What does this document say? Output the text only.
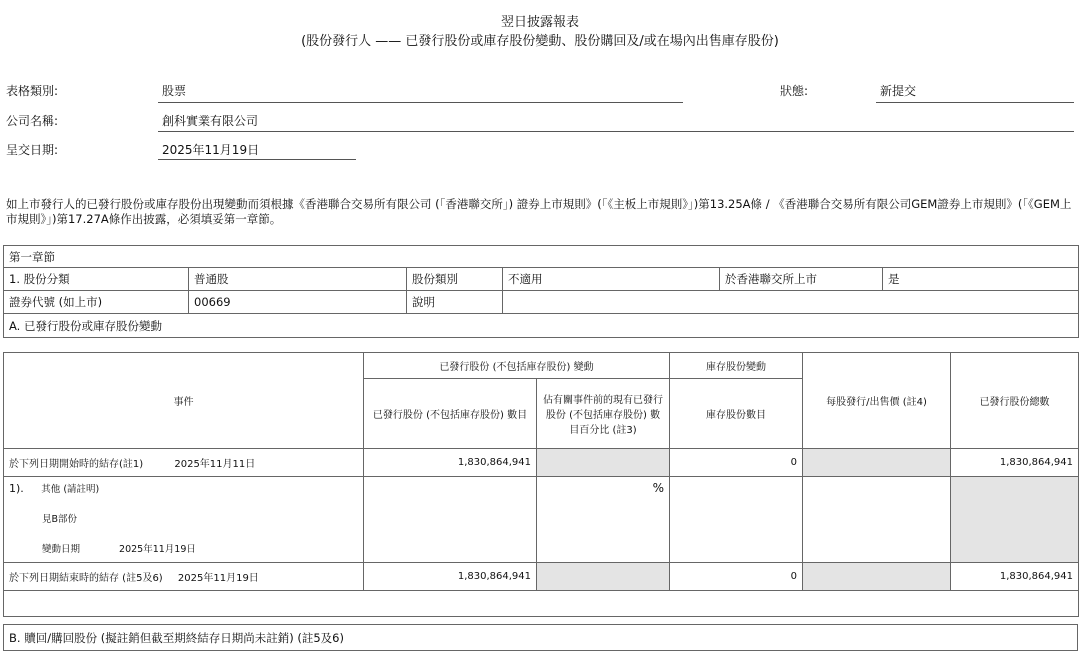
翌日披露報表
(股份發行人 —— 已發行股份或庫存股份變動、股份購回及/或在場內出售庫存股份)
表格類別:	股票	狀態:	新提交
公司名稱:	創科實業有限公司
呈交日期:	2025年11月19日
如上市發行人的已發行股份或庫存股份出現變動而須根據《香港聯合交易所有限公司 (「香港聯交所」) 證券上市規則》(「《主板上市規則》」)第13.25A條 / 《香港聯合交易所有限公司GEM證券上市規則》(「《GEM上市規則》」)第17.27A條作出披露，必須填妥第一章節。
第一章節					
1. 股份分類	普通股	股份類別	不適用	於香港聯交所上市	是
證券代號 (如上市)	00669	說明			
A. 已發行股份或庫存股份變動					
事件	已發行股份 (不包括庫存股份) 變動		庫存股份變動	每股發行/出售價 (註4)	已發行股份總數
	已發行股份 (不包括庫存股份) 數目	佔有關事件前的現有已發行股份 (不包括庫存股份) 數目百分比 (註3)	庫存股份數目		
於下列日期開始時的結存(註1) 2025年11月11日	1,830,864,941		0		1,830,864,941

1). 其他 (請註明)
見B部份
變動日期 2025年11月19日		%			
於下列日期結束時的結存 (註5及6) 2025年11月19日	1,830,864,941		0		1,830,864,941

B. 贖回/購回股份 (擬註銷但截至期終結存日期尚未註銷) (註5及6)
